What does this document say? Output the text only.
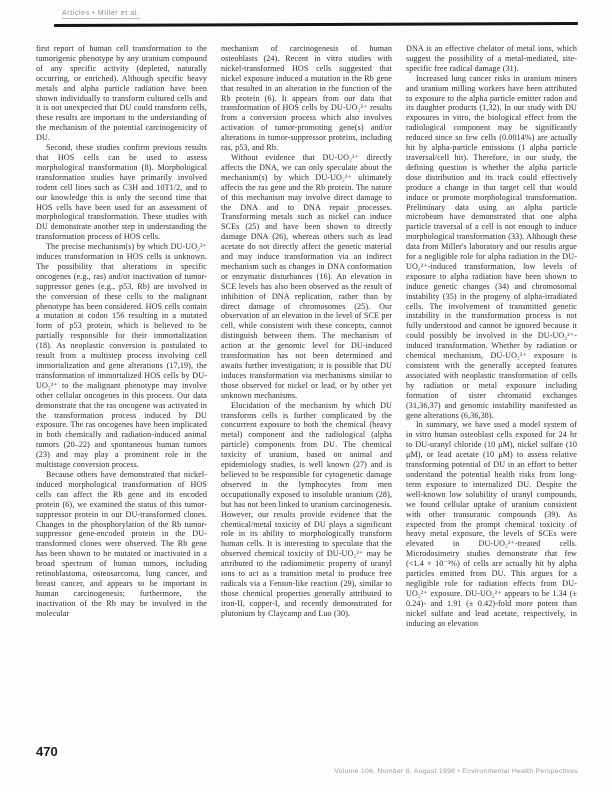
Articles • Miller et al.

first report of human cell transformation to the tumorigenic phenotype by any uranium compound of any specific activity (depleted, naturally occurring, or enriched). Although specific heavy metals and alpha particle radiation have been shown individually to transform cultured cells and it is not unexpected that DU could transform cells, these results are important to the understanding of the mechanism of the potential carcinogenicity of DU.

Second, these studies confirm previous results that HOS cells can be used to assess morphological transformation (8). Morphological transformation studies have primarily involved rodent cell lines such as C3H and 10T1/2, and to our knowledge this is only the second time that HOS cells have been used for an assessment of morphological transformation. These studies with DU demonstrate another step in understanding the transformation process of HOS cells.

The precise mechanism(s) by which DU-UO₂²⁺ induces transformation in HOS cells is unknown. The possibility that alterations in specific oncogenes (e.g., ras) and/or inactivation of tumor-suppressor genes (e.g., p53, Rb) are involved in the conversion of these cells to the malignant phenotype has been considered. HOS cells contain a mutation at codon 156 resulting in a mutated form of p53 protein, which is believed to be partially responsible for their immortalization (18). As neoplastic conversion is postulated to result from a multistep process involving cell immortalization and gene alterations (17,19), the transformation of immortalized HOS cells by DU-UO₂²⁺ to the malignant phenotype may involve other cellular oncogenes in this process. Our data demonstrate that the ras oncogene was activated in the transformation process induced by DU exposure. The ras oncogenes have been implicated in both chemically and radiation-induced animal tumors (20–22) and spontaneous human tumors (23) and may play a prominent role in the multistage conversion process.

Because others have demonstrated that nickel-induced morphological transformation of HOS cells can affect the Rb gene and its encoded protein (6), we examined the status of this tumor-suppressor protein in our DU-transformed clones. Changes in the phosphorylation of the Rb tumor-suppressor gene-encoded protein in the DU-transformed clones were observed. The Rb gene has been shown to be mutated or inactivated in a broad spectrum of human tumors, including retinoblastoma, osteosarcoma, lung cancer, and breast cancer, and appears to be important in human carcinogenesis; furthermore, the inactivation of the Rb may be involved in the molecular

mechanism of carcinogenesis of human osteoblasts (24). Recent in vitro studies with nickel-transformed HOS cells suggested that nickel exposure induced a mutation in the Rb gene that resulted in an alteration in the function of the Rb protein (6). It appears from our data that transformation of HOS cells by DU-UO₂²⁺ results from a conversion process which also involves activation of tumor-promoting gene(s) and/or alterations in tumor-suppressor proteins, including ras, p53, and Rb.

Without evidence that DU-UO₂²⁺ directly affects the DNA, we can only speculate about the mechanism(s) by which DU-UO₂²⁺ ultimately affects the ras gene and the Rb protein. The nature of this mechanism may involve direct damage to the DNA and to DNA repair processes. Transforming metals such as nickel can induce SCEs (25) and have been shown to directly damage DNA (26), whereas others such as lead acetate do not directly affect the genetic material and may induce transformation via an indirect mechanism such as changes in DNA conformation or enzymatic disturbances (16). An elevation in SCE levels has also been observed as the result of inhibition of DNA replication, rather than by direct damage of chromosomes (25). Our observation of an elevation in the level of SCE per cell, while consistent with these concepts, cannot distinguish between them. The mechanism of action at the genomic level for DU-induced transformation has not been determined and awaits further investigation; it is possible that DU induces transformation via mechanisms similar to those observed for nickel or lead, or by other yet unknown mechanisms.

Elucidation of the mechanism by which DU transforms cells is further complicated by the concurrent exposure to both the chemical (heavy metal) component and the radiological (alpha particle) components from DU. The chemical toxicity of uranium, based on animal and epidemiology studies, is well known (27) and is believed to be responsible for cytogenetic damage observed in the lymphocytes from men occupationally exposed to insoluble uranium (28), but has not been linked to uranium carcinogenesis. However, our results provide evidence that the chemical/metal toxicity of DU plays a significant role in its ability to morphologically transform human cells. It is interesting to speculate that the observed chemical toxicity of DU-UO₂²⁺ may be attributed to the radiomimetic property of uranyl ions to act as a transition metal to produce free radicals via a Fenton-like reaction (29), similar to those chemical properties generally attributed to iron-II, copper-I, and recently demonstrated for plutonium by Claycamp and Luo (30).

DNA is an effective chelator of metal ions, which suggest the possibility of a metal-mediated, site-specific free radical damage (31).

Increased lung cancer risks in uranium miners and uranium milling workers have been attributed to exposure to the alpha particle emitter radon and its daughter products (1,32). In our study with DU exposures in vitro, the biological effect from the radiological component may be significantly reduced since so few cells (0.0014%) are actually hit by alpha-particle emissions (1 alpha particle traversal/cell hit). Therefore, in our study, the defining question is whether the alpha particle dose distribution and its track could effectively produce a change in that target cell that would induce or promote morphological transformation. Preliminary data using an alpha particle microbeam have demonstrated that one alpha particle traversal of a cell is not enough to induce morphological transformation (33). Although these data from Miller's laboratory and our results argue for a negligible role for alpha radiation in the DU-UO₂²⁺-induced transformation, low levels of exposure to alpha radiation have been shown to induce genetic changes (34) and chromosomal instability (35) in the progeny of alpha-irradiated cells. The involvement of transmitted genetic instability in the transformation process is not fully understood and cannot be ignored because it could possibly be involved in the DU-UO₂²⁺-induced transformation. Whether by radiation or chemical mechanism, DU-UO₂²⁺ exposure is consistent with the generally accepted features associated with neoplastic transformation of cells by radiation or metal exposure including formation of sister chromatid exchanges (31,36,37) and genomic instability manifested as gene alterations (6,36,38).

In summary, we have used a model system of in vitro human osteoblast cells exposed for 24 hr to DU-uranyl chloride (10 μM), nickel sulfate (10 μM), or lead acetate (10 μM) to assess relative transforming potential of DU in an effort to better understand the potential health risks from long-term exposure to internalized DU. Despite the well-known low solubility of uranyl compounds, we found cellular uptake of uranium consistent with other transuranic compounds (39). As expected from the prompt chemical toxicity of heavy metal exposure, the levels of SCEs were elevated in DU-UO₂²⁺-treated cells. Microdosimetry studies demonstrate that few (<1.4 × 10⁻³%) of cells are actually hit by alpha particles emitted from DU. This argues for a negligible role for radiation effects from DU-UO₂²⁺ exposure. DU-UO₂²⁺ appears to be 1.34 (± 0.24)- and 1.91 (± 0.42)-fold more potent than nickel sulfate and lead acetate, respectively, in inducing an elevation

470
Volume 106, Number 8, August 1998 • Environmental Health Perspectives
